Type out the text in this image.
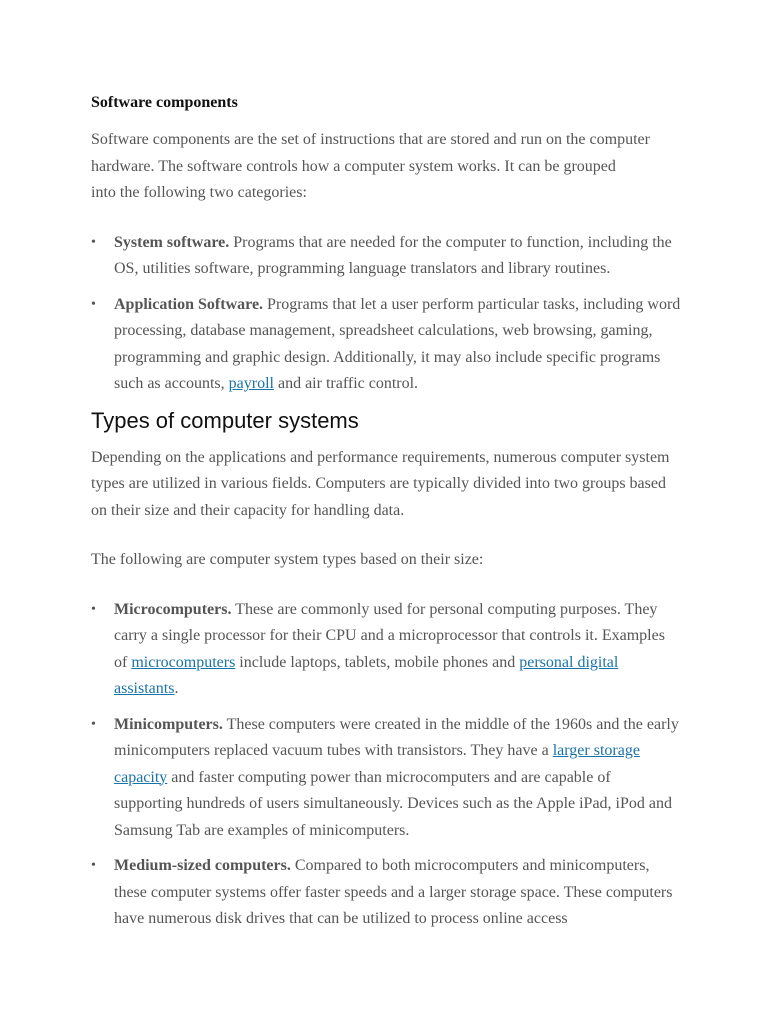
Software components

Software components are the set of instructions that are stored and run on the computer
hardware. The software controls how a computer system works. It can be grouped
into the following two categories:

• System software. Programs that are needed for the computer to function, including the OS, utilities software, programming language translators and library routines.
• Application Software. Programs that let a user perform particular tasks, including word processing, database management, spreadsheet calculations, web browsing, gaming, programming and graphic design. Additionally, it may also include specific programs such as accounts, payroll and air traffic control.
Types of computer systems

Depending on the applications and performance requirements, numerous computer system types are utilized in various fields. Computers are typically divided into two groups based on their size and their capacity for handling data.

The following are computer system types based on their size:

• Microcomputers. These are commonly used for personal computing purposes. They carry a single processor for their CPU and a microprocessor that controls it. Examples of microcomputers include laptops, tablets, mobile phones and personal digital assistants.
• Minicomputers. These computers were created in the middle of the 1960s and the early minicomputers replaced vacuum tubes with transistors. They have a larger storage capacity and faster computing power than microcomputers and are capable of supporting hundreds of users simultaneously. Devices such as the Apple iPad, iPod and Samsung Tab are examples of minicomputers.
• Medium-sized computers. Compared to both microcomputers and minicomputers, these computer systems offer faster speeds and a larger storage space. These computers have numerous disk drives that can be utilized to process online access
